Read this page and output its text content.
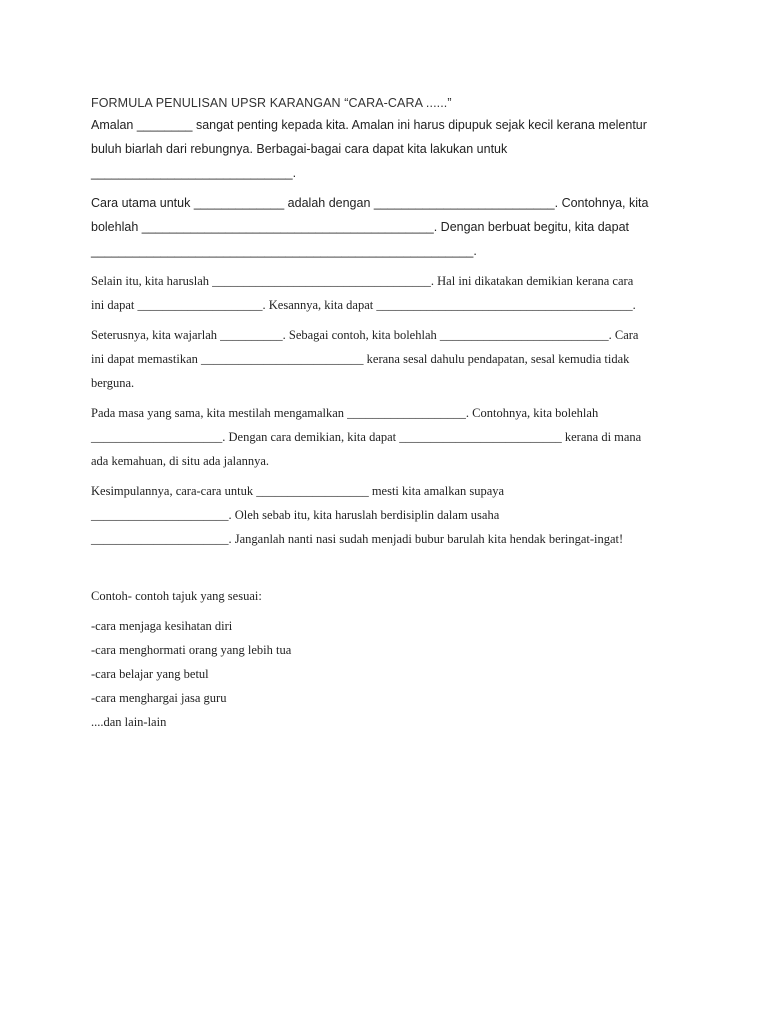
FORMULA PENULISAN UPSR KARANGAN “CARA-CARA ......”

Amalan ________ sangat penting kepada kita. Amalan ini harus dipupuk sejak kecil kerana melentur
buluh biarlah dari rebungnya. Berbagai-bagai cara dapat kita lakukan untuk
_____________________________.
Cara utama untuk _____________ adalah dengan __________________________. Contohnya, kita
bolehlah __________________________________________. Dengan berbuat begitu, kita dapat
_______________________________________________________.
Selain itu, kita haruslah ___________________________________. Hal ini dikatakan demikian kerana cara
ini dapat ____________________. Kesannya, kita dapat _________________________________________.
Seterusnya, kita wajarlah __________. Sebagai contoh, kita bolehlah ___________________________. Cara
ini dapat memastikan __________________________ kerana sesal dahulu pendapatan, sesal kemudia tidak
berguna.
Pada masa yang sama, kita mestilah mengamalkan ___________________. Contohnya, kita bolehlah
_____________________. Dengan cara demikian, kita dapat __________________________ kerana di mana
ada kemahuan, di situ ada jalannya.
Kesimpulannya, cara-cara untuk __________________ mesti kita amalkan supaya
______________________. Oleh sebab itu, kita haruslah berdisiplin dalam usaha
______________________. Janganlah nanti nasi sudah menjadi bubur barulah kita hendak beringat-ingat!
Contoh- contoh tajuk yang sesuai:
-cara menjaga kesihatan diri
-cara menghormati orang yang lebih tua
-cara belajar yang betul
-cara menghargai jasa guru
....dan lain-lain
